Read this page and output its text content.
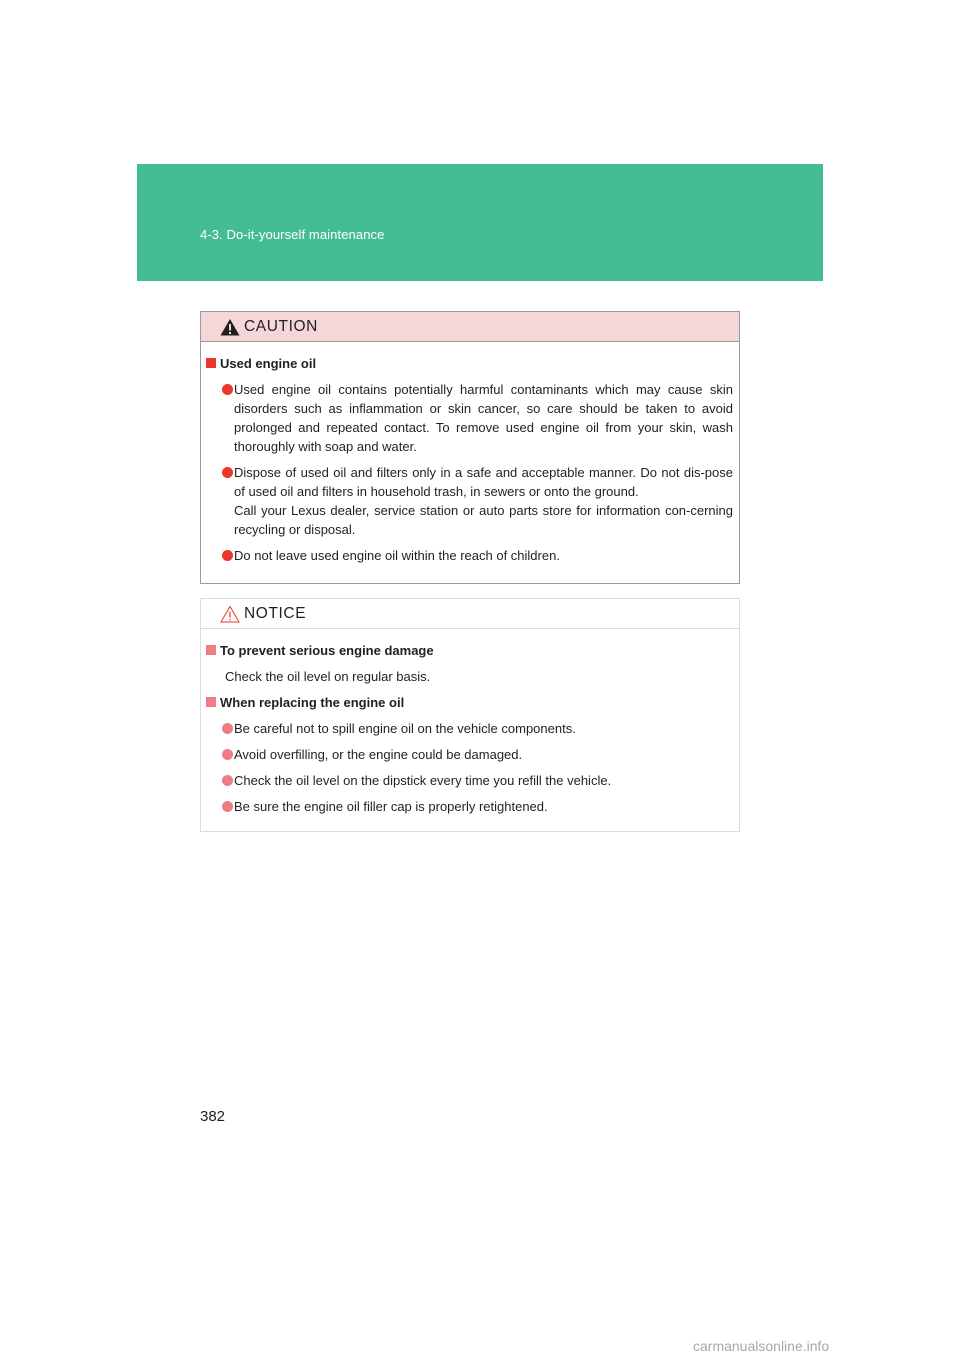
4-3. Do-it-yourself maintenance
CAUTION
Used engine oil

Used engine oil contains potentially harmful contaminants which may cause skin disorders such as inflammation or skin cancer, so care should be taken to avoid prolonged and repeated contact. To remove used engine oil from your skin, wash thoroughly with soap and water.

Dispose of used oil and filters only in a safe and acceptable manner. Do not dis-pose of used oil and filters in household trash, in sewers or onto the ground.

Call your Lexus dealer, service station or auto parts store for information con-cerning recycling or disposal.

Do not leave used engine oil within the reach of children.

NOTICE
To prevent serious engine damage
Check the oil level on regular basis.
When replacing the engine oil
Be careful not to spill engine oil on the vehicle components.
Avoid overfilling, or the engine could be damaged.
Check the oil level on the dipstick every time you refill the vehicle.
Be sure the engine oil filler cap is properly retightened.
382
carmanualsonline.info
